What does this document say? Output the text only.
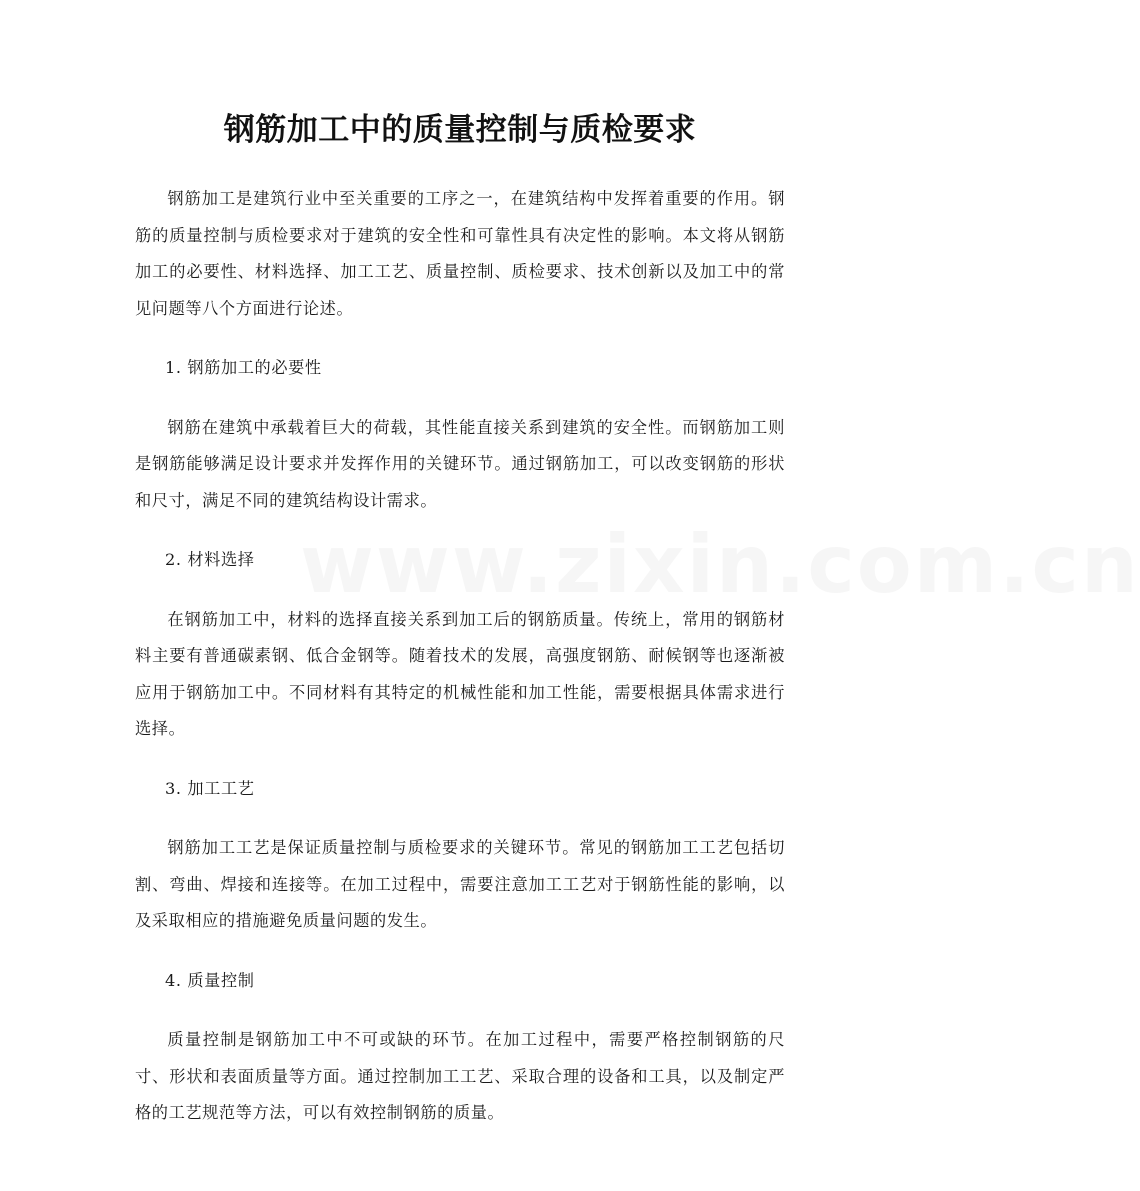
www.zixin.com.cn
钢筋加工中的质量控制与质检要求

钢筋加工是建筑行业中至关重要的工序之一，在建筑结构中发挥着重要的作用。钢筋的质量控制与质检要求对于建筑的安全性和可靠性具有决定性的影响。本文将从钢筋加工的必要性、材料选择、加工工艺、质量控制、质检要求、技术创新以及加工中的常见问题等八个方面进行论述。

1. 钢筋加工的必要性

钢筋在建筑中承载着巨大的荷载，其性能直接关系到建筑的安全性。而钢筋加工则是钢筋能够满足设计要求并发挥作用的关键环节。通过钢筋加工，可以改变钢筋的形状和尺寸，满足不同的建筑结构设计需求。

2. 材料选择

在钢筋加工中，材料的选择直接关系到加工后的钢筋质量。传统上，常用的钢筋材料主要有普通碳素钢、低合金钢等。随着技术的发展，高强度钢筋、耐候钢等也逐渐被应用于钢筋加工中。不同材料有其特定的机械性能和加工性能，需要根据具体需求进行选择。

3. 加工工艺

钢筋加工工艺是保证质量控制与质检要求的关键环节。常见的钢筋加工工艺包括切割、弯曲、焊接和连接等。在加工过程中，需要注意加工工艺对于钢筋性能的影响，以及采取相应的措施避免质量问题的发生。

4. 质量控制

质量控制是钢筋加工中不可或缺的环节。在加工过程中，需要严格控制钢筋的尺寸、形状和表面质量等方面。通过控制加工工艺、采取合理的设备和工具，以及制定严格的工艺规范等方法，可以有效控制钢筋的质量。
